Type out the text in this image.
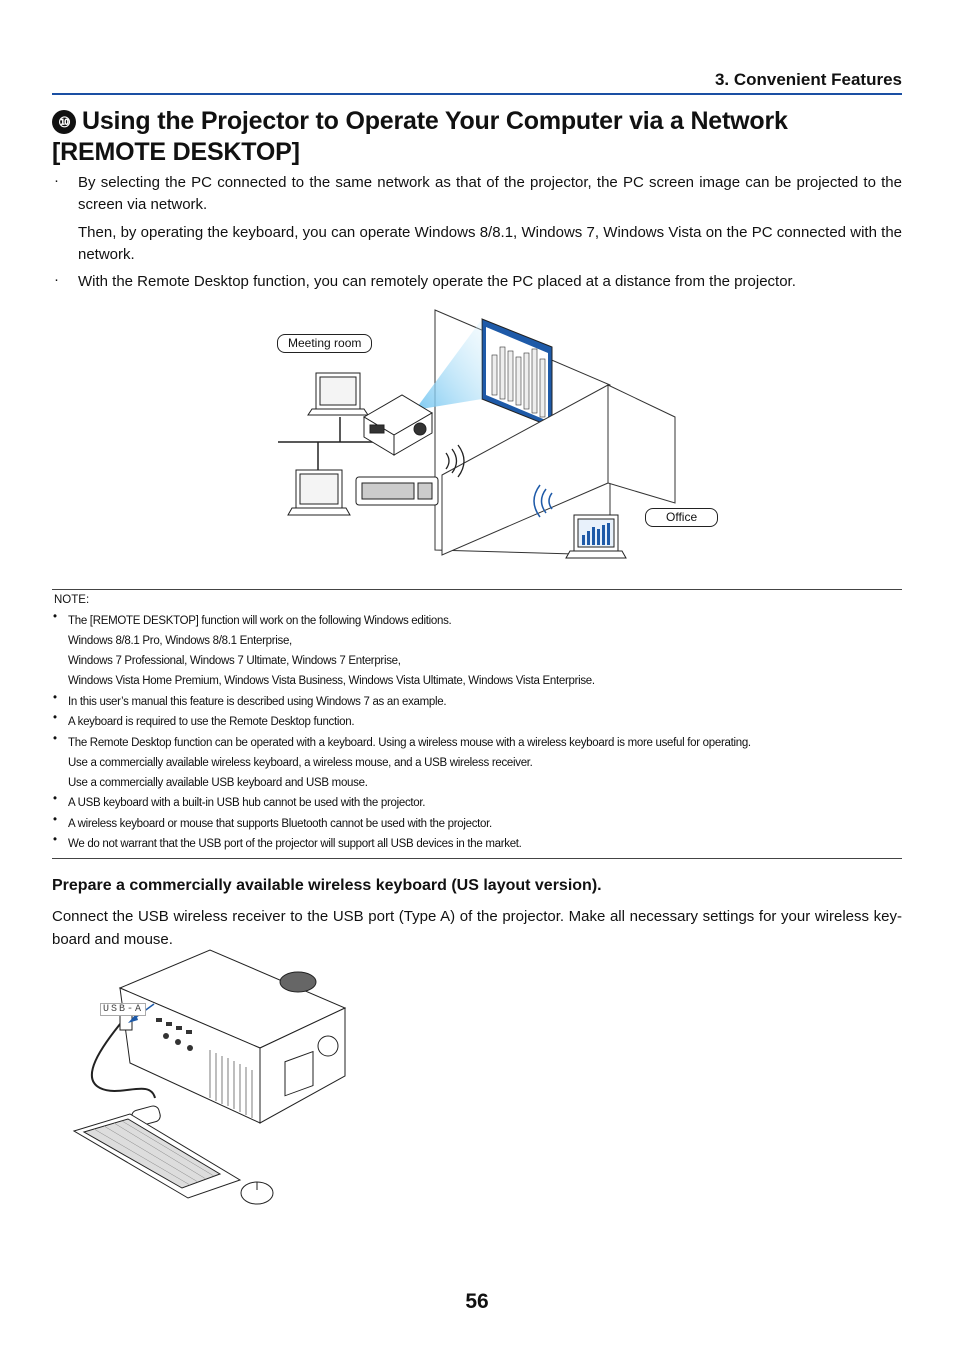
3. Convenient Features
⑩ Using the Projector to Operate Your Computer via a Network
[REMOTE DESKTOP]
· By selecting the PC connected to the same network as that of the projector, the PC screen image can be projected to the screen via network.
Then, by operating the keyboard, you can operate Windows 8/8.1, Windows 7, Windows Vista on the PC connected with the network.
· With the Remote Desktop function, you can remotely operate the PC placed at a distance from the projector.
Meeting room
Office
NOTE:
• The [REMOTE DESKTOP] function will work on the following Windows editions.
Windows 8/8.1 Pro, Windows 8/8.1 Enterprise,
Windows 7 Professional, Windows 7 Ultimate, Windows 7 Enterprise,
Windows Vista Home Premium, Windows Vista Business, Windows Vista Ultimate, Windows Vista Enterprise.
• In this user’s manual this feature is described using Windows 7 as an example.
• A keyboard is required to use the Remote Desktop function.
• The Remote Desktop function can be operated with a keyboard. Using a wireless mouse with a wireless keyboard is more useful for operating.
Use a commercially available wireless keyboard, a wireless mouse, and a USB wireless receiver.
Use a commercially available USB keyboard and USB mouse.
• A USB keyboard with a built-in USB hub cannot be used with the projector.
• A wireless keyboard or mouse that supports Bluetooth cannot be used with the projector.
• We do not warrant that the USB port of the projector will support all USB devices in the market.
Prepare a commercially available wireless keyboard (US layout version).
Connect the USB wireless receiver to the USB port (Type A) of the projector. Make all necessary settings for your wireless key-board and mouse.
USB-A
56
